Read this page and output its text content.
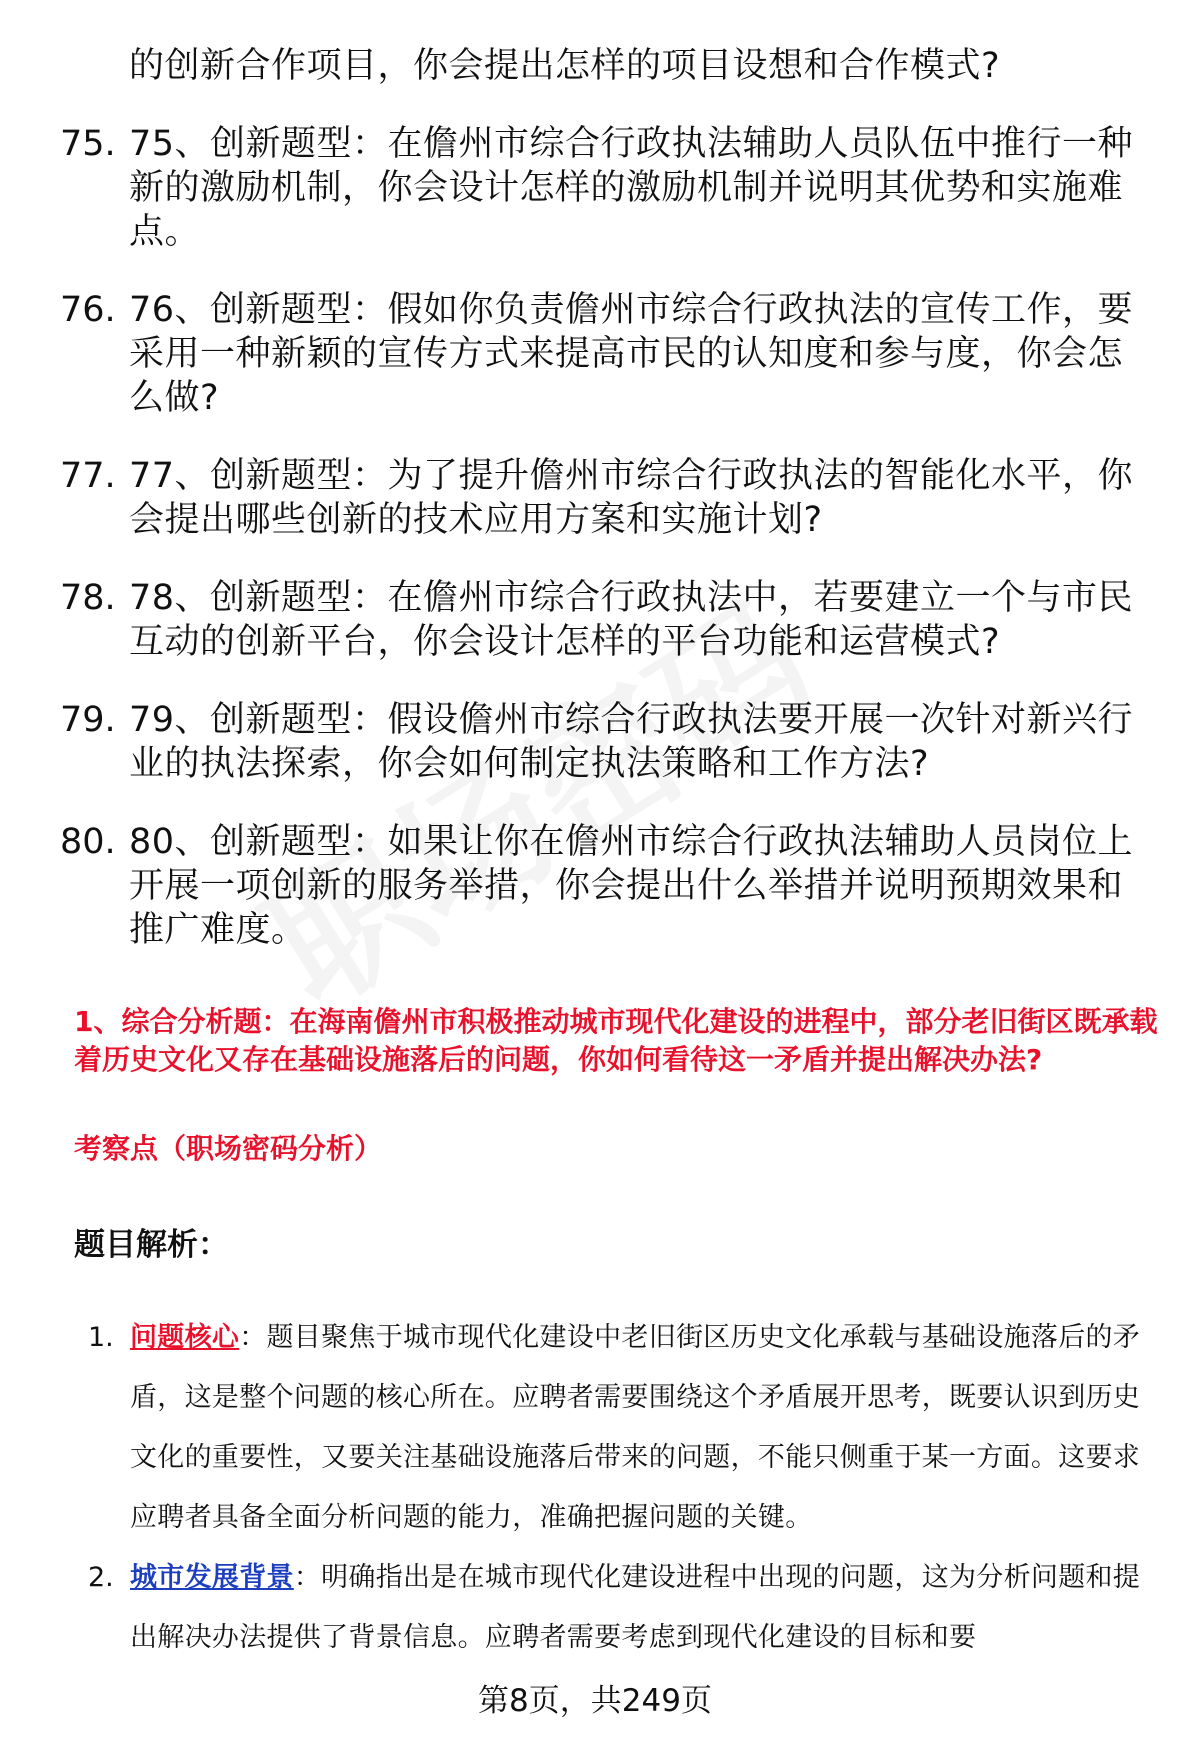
的创新合作项目，你会提出怎样的项目设想和合作模式?
75. 75、创新题型：在儋州市综合行政执法辅助人员队伍中推行一种新的激励机制，你会设计怎样的激励机制并说明其优势和实施难点。
76. 76、创新题型：假如你负责儋州市综合行政执法的宣传工作，要采用一种新颖的宣传方式来提高市民的认知度和参与度，你会怎么做?
77. 77、创新题型：为了提升儋州市综合行政执法的智能化水平，你会提出哪些创新的技术应用方案和实施计划?
78. 78、创新题型：在儋州市综合行政执法中，若要建立一个与市民互动的创新平台，你会设计怎样的平台功能和运营模式?
79. 79、创新题型：假设儋州市综合行政执法要开展一次针对新兴行业的执法探索，你会如何制定执法策略和工作方法?
80. 80、创新题型：如果让你在儋州市综合行政执法辅助人员岗位上开展一项创新的服务举措，你会提出什么举措并说明预期效果和推广难度。
1、综合分析题：在海南儋州市积极推动城市现代化建设的进程中，部分老旧街区既承载着历史文化又存在基础设施落后的问题，你如何看待这一矛盾并提出解决办法?
考察点（职场密码分析）
题目解析：
1. 问题核心：题目聚焦于城市现代化建设中老旧街区历史文化承载与基础设施落后的矛盾，这是整个问题的核心所在。应聘者需要围绕这个矛盾展开思考，既要认识到历史文化的重要性，又要关注基础设施落后带来的问题，不能只侧重于某一方面。这要求应聘者具备全面分析问题的能力，准确把握问题的关键。
2. 城市发展背景：明确指出是在城市现代化建设进程中出现的问题，这为分析问题和提出解决办法提供了背景信息。应聘者需要考虑到现代化建设的目标和要
第8页，共249页
